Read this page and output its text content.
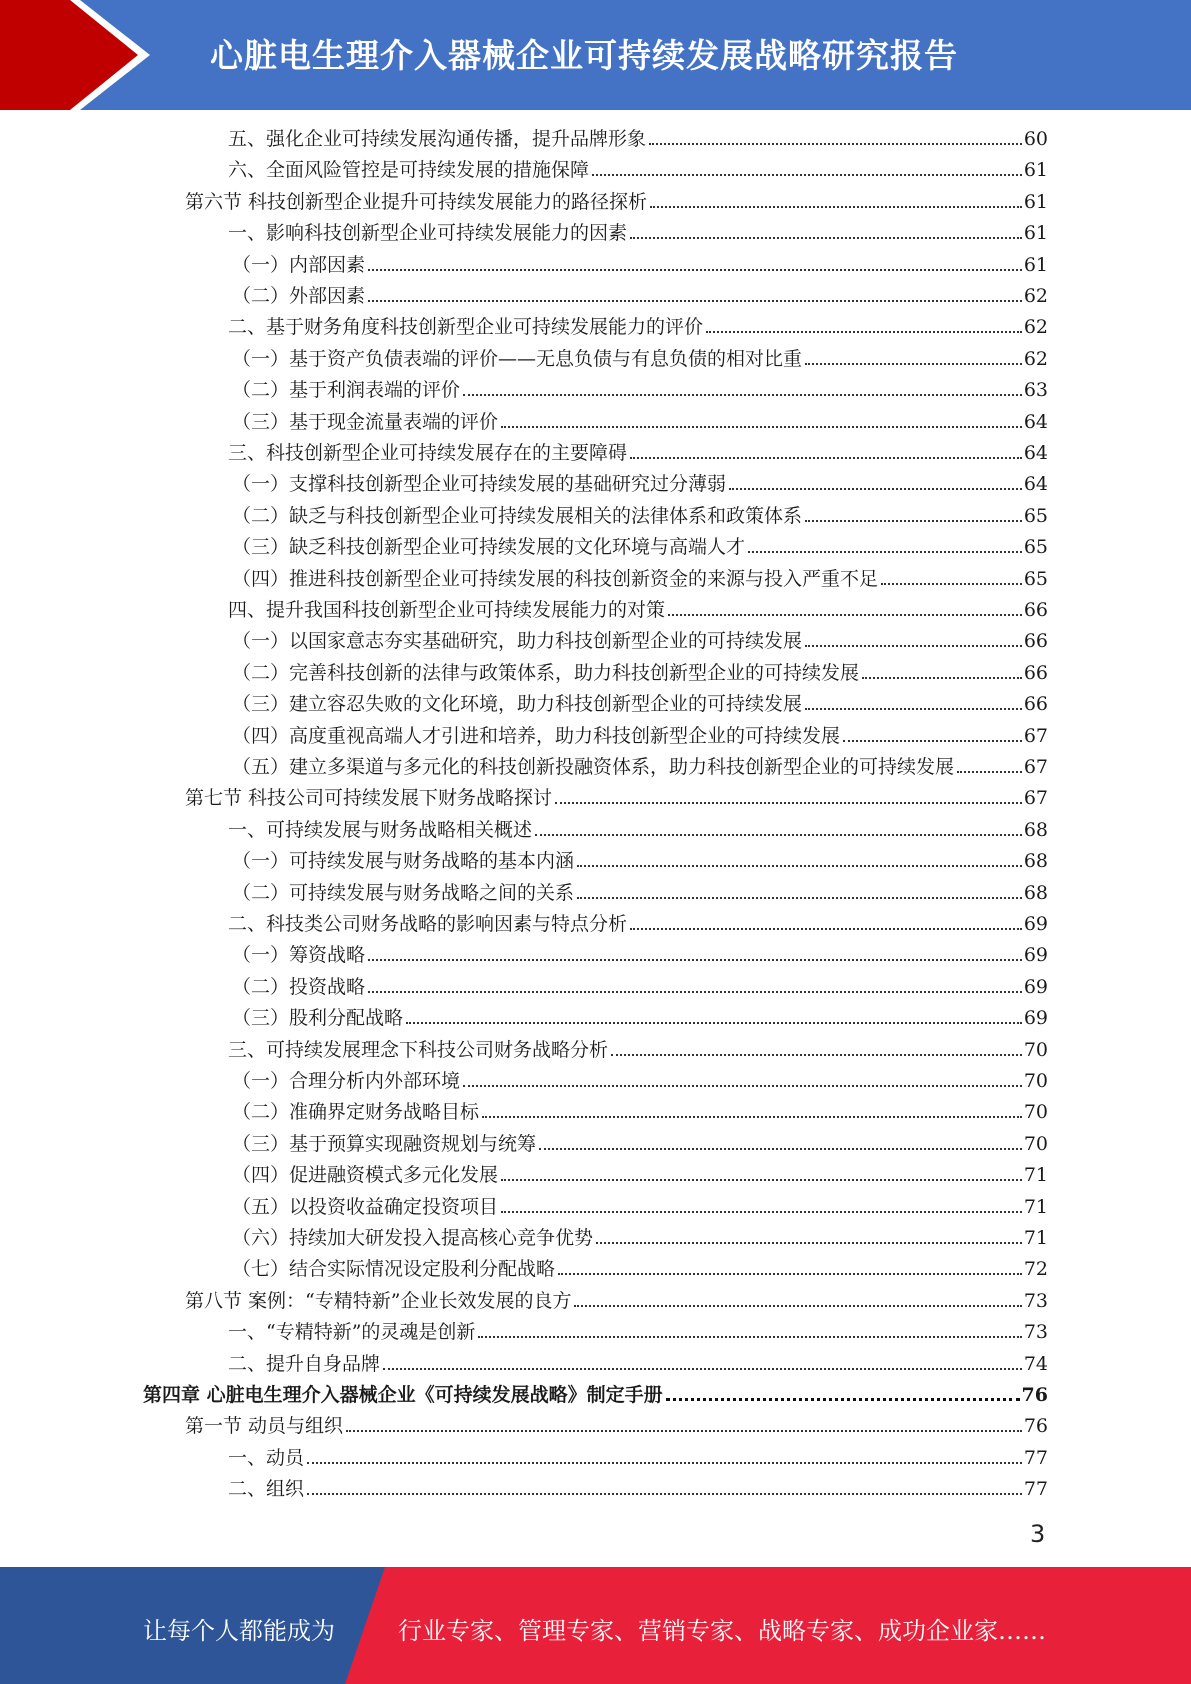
心脏电生理介入器械企业可持续发展战略研究报告
五、强化企业可持续发展沟通传播，提升品牌形象	60
六、全面风险管控是可持续发展的措施保障	61
第六节 科技创新型企业提升可持续发展能力的路径探析	61
一、影响科技创新型企业可持续发展能力的因素	61
（一）内部因素	61
（二）外部因素	62
二、基于财务角度科技创新型企业可持续发展能力的评价	62
（一）基于资产负债表端的评价——无息负债与有息负债的相对比重	62
（二）基于利润表端的评价	63
（三）基于现金流量表端的评价	64
三、科技创新型企业可持续发展存在的主要障碍	64
（一）支撑科技创新型企业可持续发展的基础研究过分薄弱	64
（二）缺乏与科技创新型企业可持续发展相关的法律体系和政策体系	65
（三）缺乏科技创新型企业可持续发展的文化环境与高端人才	65
（四）推进科技创新型企业可持续发展的科技创新资金的来源与投入严重不足	65
四、提升我国科技创新型企业可持续发展能力的对策	66
（一）以国家意志夯实基础研究，助力科技创新型企业的可持续发展	66
（二）完善科技创新的法律与政策体系，助力科技创新型企业的可持续发展	66
（三）建立容忍失败的文化环境，助力科技创新型企业的可持续发展	66
（四）高度重视高端人才引进和培养，助力科技创新型企业的可持续发展	67
（五）建立多渠道与多元化的科技创新投融资体系，助力科技创新型企业的可持续发展	67
第七节 科技公司可持续发展下财务战略探讨	67
一、可持续发展与财务战略相关概述	68
（一）可持续发展与财务战略的基本内涵	68
（二）可持续发展与财务战略之间的关系	68
二、科技类公司财务战略的影响因素与特点分析	69
（一）筹资战略	69
（二）投资战略	69
（三）股利分配战略	69
三、可持续发展理念下科技公司财务战略分析	70
（一）合理分析内外部环境	70
（二）准确界定财务战略目标	70
（三）基于预算实现融资规划与统筹	70
（四）促进融资模式多元化发展	71
（五）以投资收益确定投资项目	71
（六）持续加大研发投入提高核心竞争优势	71
（七）结合实际情况设定股利分配战略	72
第八节 案例：“专精特新”企业长效发展的良方	73
一、“专精特新”的灵魂是创新	73
二、提升自身品牌	74
第四章 心脏电生理介入器械企业《可持续发展战略》制定手册	76
第一节 动员与组织	76
一、动员	77
二、组织	77
3
让每个人都能成为	行业专家、管理专家、营销专家、战略专家、成功企业家……
